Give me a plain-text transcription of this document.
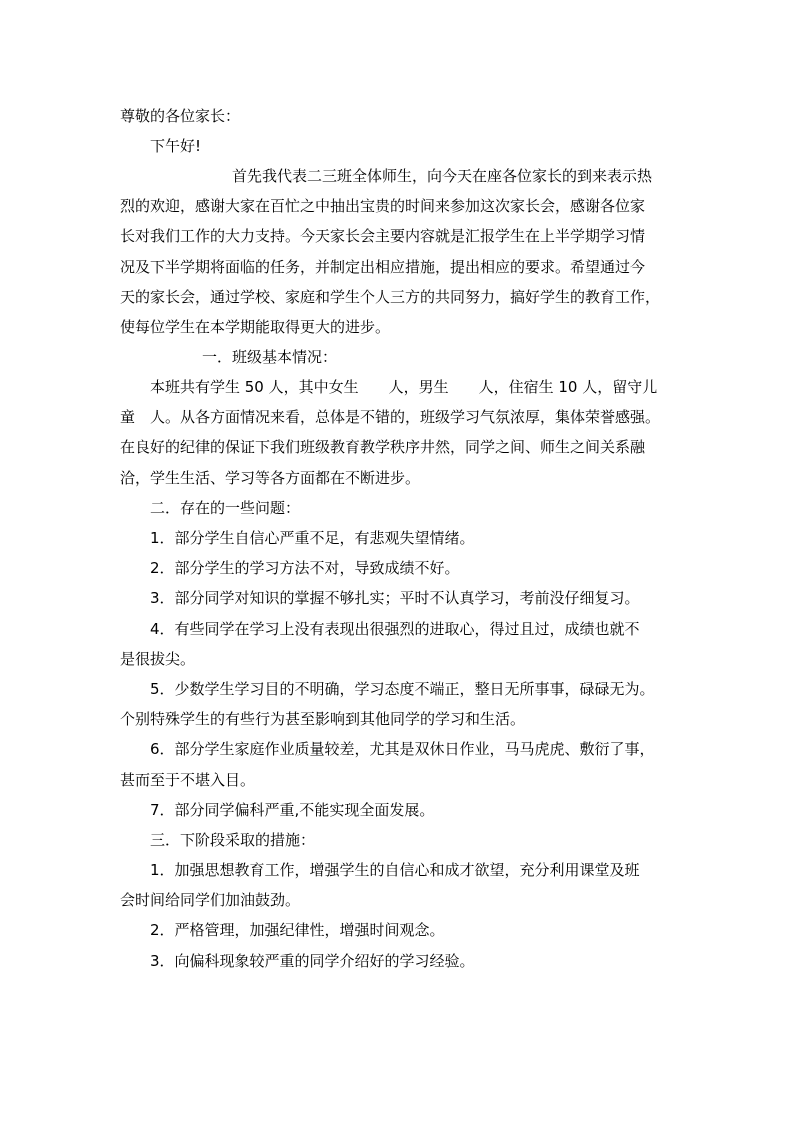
尊敬的各位家长：
下午好!
首先我代表二三班全体师生，向今天在座各位家长的到来表示热
烈的欢迎，感谢大家在百忙之中抽出宝贵的时间来参加这次家长会，感谢各位家
长对我们工作的大力支持。今天家长会主要内容就是汇报学生在上半学期学习情
况及下半学期将面临的任务，并制定出相应措施，提出相应的要求。希望通过今
天的家长会，通过学校、家庭和学生个人三方的共同努力，搞好学生的教育工作，
使每位学生在本学期能取得更大的进步。
一．班级基本情况：
本班共有学生 50 人，其中女生　　人，男生　　人，住宿生 10 人，留守儿
童　人。从各方面情况来看，总体是不错的，班级学习气氛浓厚，集体荣誉感强。
在良好的纪律的保证下我们班级教育教学秩序井然，同学之间、师生之间关系融
洽，学生生活、学习等各方面都在不断进步。
二．存在的一些问题：
1．部分学生自信心严重不足，有悲观失望情绪。
2．部分学生的学习方法不对，导致成绩不好。
3．部分同学对知识的掌握不够扎实；平时不认真学习，考前没仔细复习。
4．有些同学在学习上没有表现出很强烈的进取心，得过且过，成绩也就不
是很拔尖。
5．少数学生学习目的不明确，学习态度不端正，整日无所事事，碌碌无为。
个别特殊学生的有些行为甚至影响到其他同学的学习和生活。
6．部分学生家庭作业质量较差，尤其是双休日作业，马马虎虎、敷衍了事，
甚而至于不堪入目。
7．部分同学偏科严重,不能实现全面发展。
三．下阶段采取的措施：
1．加强思想教育工作，增强学生的自信心和成才欲望，充分利用课堂及班
会时间给同学们加油鼓劲。
2．严格管理，加强纪律性，增强时间观念。
3．向偏科现象较严重的同学介绍好的学习经验。
